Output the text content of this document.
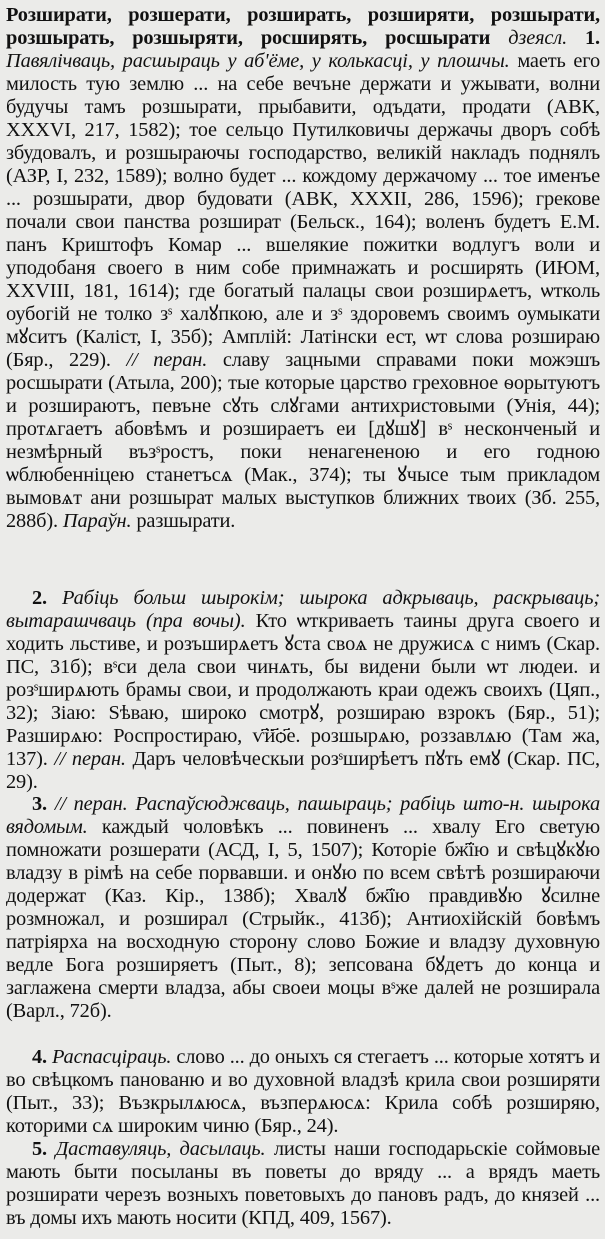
Розширати, розшерати, розширать, розширяти, розшырати, розшырать, розшыряти, росширять, росшырати дзеясл. 1. Павялічваць, расшыраць у аб'ёме, у колькасці, у плошчы. маеть его милость тую землю ... на себе вечъне держати и ужывати, волни будучы тамъ розшырати, прыбавити, одъдати, продати (АВК, XXXVI, 217, 1582); тое сельцо Путилковичы держачы дворъ собѣ збудовалъ, и розшыраючы господарство, великій накладъ поднялъ (АЗР, I, 232, 1589); волно будет ... кождому держачому ... тое именъе ... розшырати, двор будовати (АВК, XXXII, 286, 1596); грекове почали свои панства розшират (Бельск., 164); воленъ будетъ Е.М. панъ Криштофъ Комар ... вшелякие пожитки водлугъ воли и уподобаня своего в ним собе примнажать и росширять (ИЮМ, XXVIII, 181, 1614); где богатый палацы свои розширѧетъ, ѡтколь оубогій не толко зˢ халꙋпкою, але и зˢ здоровемъ своимъ оумыкати мꙋситъ (Каліст, I, 35б); Амплій: Латінски ест, ѡт слова розшираю (Бяр., 229). // перан. славу зацными справами поки можэшъ росшырати (Атыла, 200); тые которые царство греховное ѳорытуютъ и розшираютъ, певъне сꙋть слꙋгами антихристовыми (Унія, 44); протѧгаетъ абовѣмъ и розшираетъ еи [дꙋшꙋ] вˢ несконченый и незмѣрный възˢростъ, поки ненагененою и его годною ѡблюбенніцею станетъсѧ (Мак., 374); ты ꙋчысе тым прикладом вымовѧт ани розшырат малых выступков ближних твоих (Зб. 255, 288б). Параўн. разшырати.

2. Рабіць больш шырокім; шырока адкрываць, раскрываць; вытарашчваць (пра вочы). Кто ѡткриваеть таины друга своего и ходить льстиве, и розъширѧетъ ꙋста своѧ не дружисѧ с нимъ (Скар. ПС, 31б); вˢси дела свои чинѧть, бы видени были ѡт людеи. и розˢширѧють брамы свои, и продолжають краи одежъ своихъ (Цяп., 32); Зіаю: Ѕѣваю, широко смотрꙋ, розшираю взрокъ (Бяр., 51); Разширѧю: Роспростираю, ѵ҃ӥ҃ѻ҃е. розшырѧю, роззавлѧю (Там жа, 137). // перан. Даръ человѣческыи розˢширѣетъ пꙋть емꙋ (Скар. ПС, 29).

3. // перан. Распаўсюджваць, пашыраць; рабіць што-н. шырока вядомым. каждый чоловѣкъ ... повиненъ ... хвалу Его светую помножати розшерати (АСД, I, 5, 1507); Которіе бж҃їю и свѣцꙋкꙋю владзу в рімѣ на себе порвавши. и онꙋю по всем свѣтѣ розшираючи додержат (Каз. Кір., 138б); Хвалꙋ бж҃їю правдивꙋю ꙋсилне розмножал, и розширал (Стрыйк., 413б); Антиохійскій бовѣмъ патріярха на восходную сторону слово Божие и владзу духовную ведле Бога розширяетъ (Пыт., 8); зепсована бꙋдетъ до конца и заглажена смерти владза, абы своеи моцы вˢже далей не розширала (Варл., 72б).

4. Распасціраць. слово ... до оныхъ ся стегаетъ ... которые хотятъ и во свѣцкомъ панованю и во духовной владзѣ крила свои розширяти (Пыт., 33); Възкрылѧюсѧ, възперѧюсѧ: Крила собѣ розширяю, которими сѧ широким чиню (Бяр., 24).

5. Даставуляць, дасылаць. листы наши господарьскіе соймовые мають быти посыланы въ поветы до вряду ... а врядъ маеть розширати черезъ возныхъ поветовыхъ до пановъ радъ, до князей ... въ домы ихъ мають носити (КПД, 409, 1567).
